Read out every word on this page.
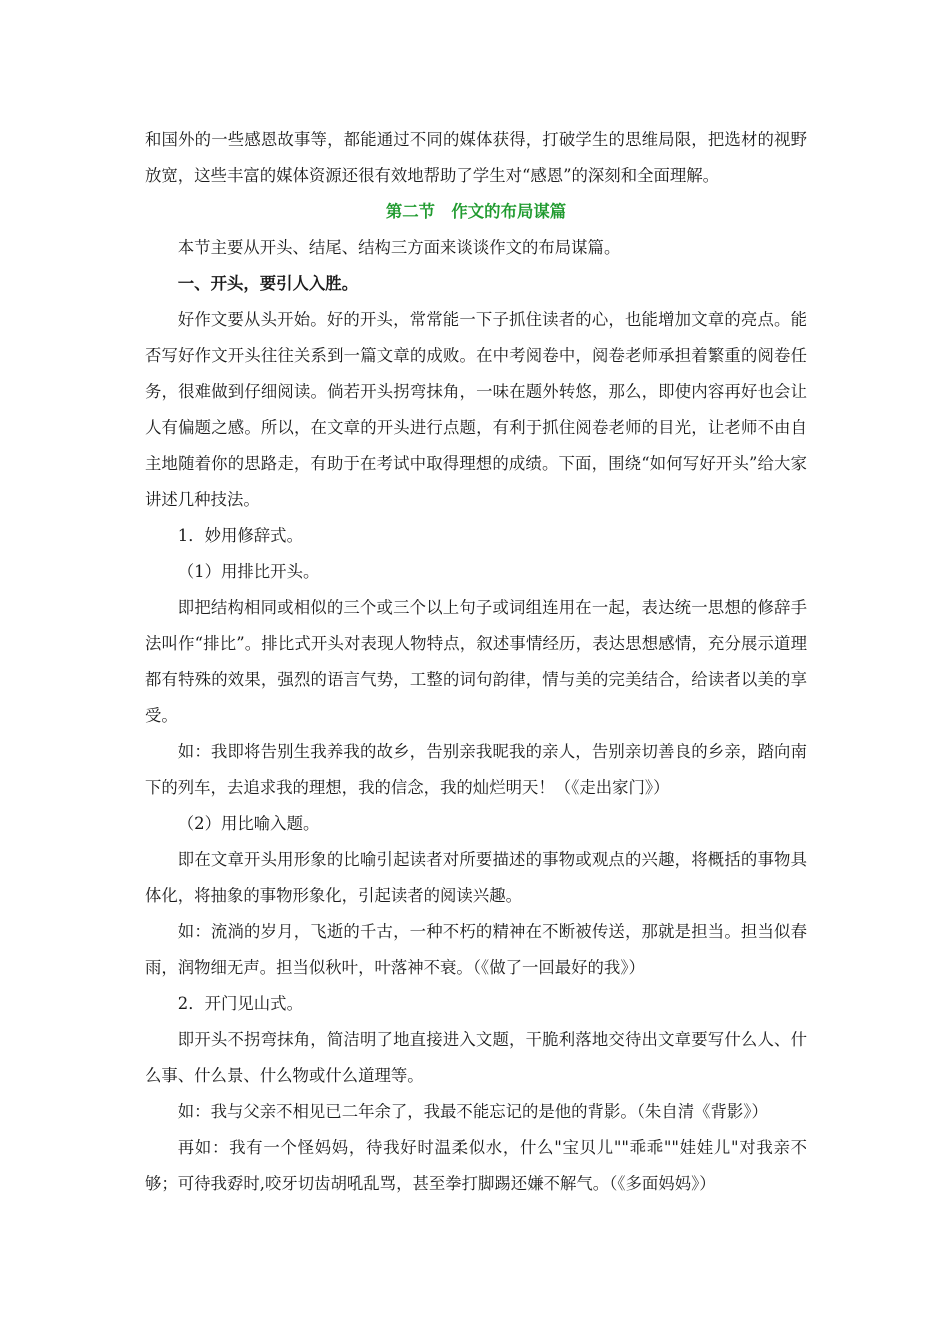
和国外的一些感恩故事等，都能通过不同的媒体获得，打破学生的思维局限，把选材的视野放宽，这些丰富的媒体资源还很有效地帮助了学生对“感恩”的深刻和全面理解。

第二节　作文的布局谋篇

本节主要从开头、结尾、结构三方面来谈谈作文的布局谋篇。

一、开头，要引人入胜。

好作文要从头开始。好的开头，常常能一下子抓住读者的心，也能增加文章的亮点。能否写好作文开头往往关系到一篇文章的成败。在中考阅卷中，阅卷老师承担着繁重的阅卷任务，很难做到仔细阅读。倘若开头拐弯抹角，一味在题外转悠，那么，即使内容再好也会让人有偏题之感。所以，在文章的开头进行点题，有利于抓住阅卷老师的目光，让老师不由自主地随着你的思路走，有助于在考试中取得理想的成绩。下面，围绕“如何写好开头”给大家讲述几种技法。

1．妙用修辞式。

（1）用排比开头。

即把结构相同或相似的三个或三个以上句子或词组连用在一起，表达统一思想的修辞手法叫作“排比”。排比式开头对表现人物特点，叙述事情经历，表达思想感情，充分展示道理都有特殊的效果，强烈的语言气势，工整的词句韵律，情与美的完美结合，给读者以美的享受。

如：我即将告别生我养我的故乡，告别亲我昵我的亲人，告别亲切善良的乡亲，踏向南下的列车，去追求我的理想，我的信念，我的灿烂明天！（《走出家门》）

（2）用比喻入题。

即在文章开头用形象的比喻引起读者对所要描述的事物或观点的兴趣，将概括的事物具体化，将抽象的事物形象化，引起读者的阅读兴趣。

如：流淌的岁月，飞逝的千古，一种不朽的精神在不断被传送，那就是担当。担当似春雨，润物细无声。担当似秋叶，叶落神不衰。（《做了一回最好的我》）

2．开门见山式。

即开头不拐弯抹角，简洁明了地直接进入文题，干脆利落地交待出文章要写什么人、什么事、什么景、什么物或什么道理等。

如：我与父亲不相见已二年余了，我最不能忘记的是他的背影。（朱自清《背影》）

再如：我有一个怪妈妈，待我好时温柔似水，什么"宝贝儿""乖乖""娃娃儿"对我亲不够；可待我孬时,咬牙切齿胡吼乱骂，甚至拳打脚踢还嫌不解气。（《多面妈妈》）
